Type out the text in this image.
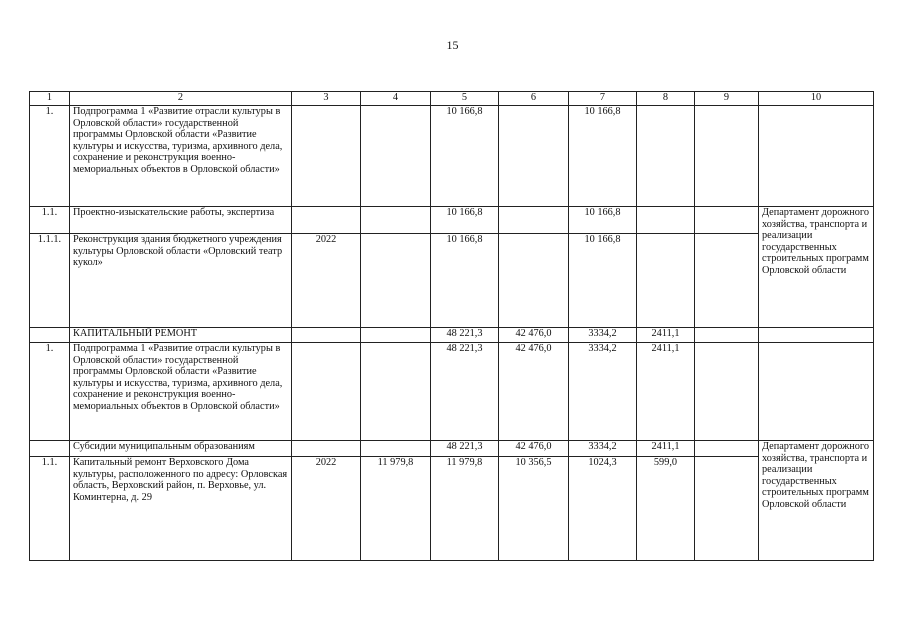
15
1	2	3	4	5	6	7	8	9	10
1.	Подпрограмма 1 «Развитие отрасли культуры в Орловской области» государственной программы Орловской области «Развитие культуры и искусства, туризма, архивного дела, сохранение и реконструкция военно-мемориальных объектов в Орловской области»			10 166,8		10 166,8			
1.1.	Проектно-изыскательские работы, экспертиза			10 166,8		10 166,8			Департамент дорожного хозяйства, транспорта и реализации государственных строительных программ Орловской области
1.1.1.	Реконструкция здания бюджетного учреждения культуры Орловской области «Орловский театр кукол»	2022		10 166,8		10 166,8			
	КАПИТАЛЬНЫЙ РЕМОНТ			48 221,3	42 476,0	3334,2	2411,1		
1.	Подпрограмма 1 «Развитие отрасли культуры в Орловской области» государственной программы Орловской области «Развитие культуры и искусства, туризма, архивного дела, сохранение и реконструкция военно-мемориальных объектов в Орловской области»			48 221,3	42 476,0	3334,2	2411,1		
	Субсидии муниципальным образованиям			48 221,3	42 476,0	3334,2	2411,1		Департамент дорожного хозяйства, транспорта и реализации государственных строительных программ Орловской области
1.1.	Капитальный ремонт Верховского Дома культуры, расположенного по адресу: Орловская область, Верховский район, п. Верховье, ул. Коминтерна, д. 29	2022	11 979,8	11 979,8	10 356,5	1024,3	599,0		
